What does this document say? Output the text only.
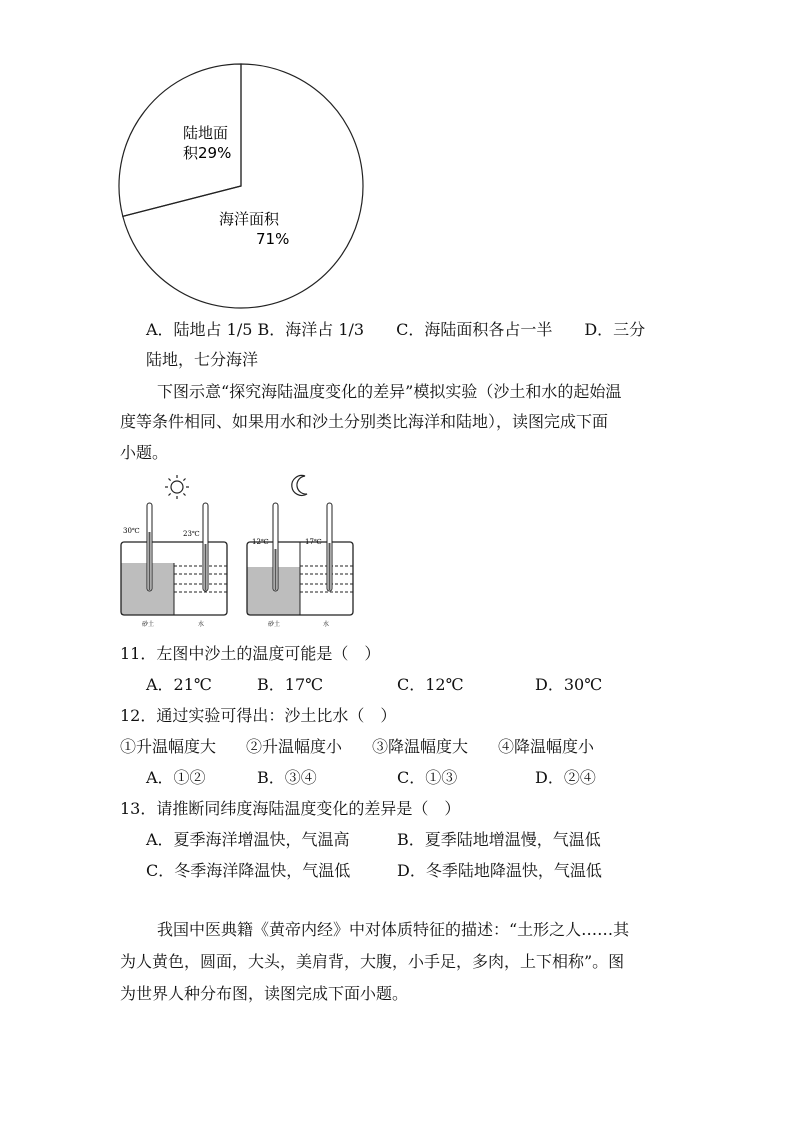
陆地面
积29%
海洋面积
71%
A．陆地占 1/5 B．海洋占 1/3　　C．海陆面积各占一半　　D．三分
陆地，七分海洋
下图示意“探究海陆温度变化的差异”模拟实验（沙土和水的起始温
度等条件相同、如果用水和沙土分别类比海洋和陆地），读图完成下面
小题。
30℃	23℃
砂土	水
12℃	17℃
砂土	水
11．左图中沙土的温度可能是（　）
A．21℃	B．17℃	C．12℃	D．30℃
12．通过实验可得出：沙土比水（　）
①升温幅度大 ②升温幅度小 ③降温幅度大 ④降温幅度小
A．①②	B．③④	C．①③	D．②④
13．请推断同纬度海陆温度变化的差异是（　）
A．夏季海洋增温快，气温高	B．夏季陆地增温慢，气温低
C．冬季海洋降温快，气温低	D．冬季陆地降温快，气温低
我国中医典籍《黄帝内经》中对体质特征的描述：“土形之人……其
为人黄色，圆面，大头，美肩背，大腹，小手足，多肉，上下相称”。图
为世界人种分布图，读图完成下面小题。
